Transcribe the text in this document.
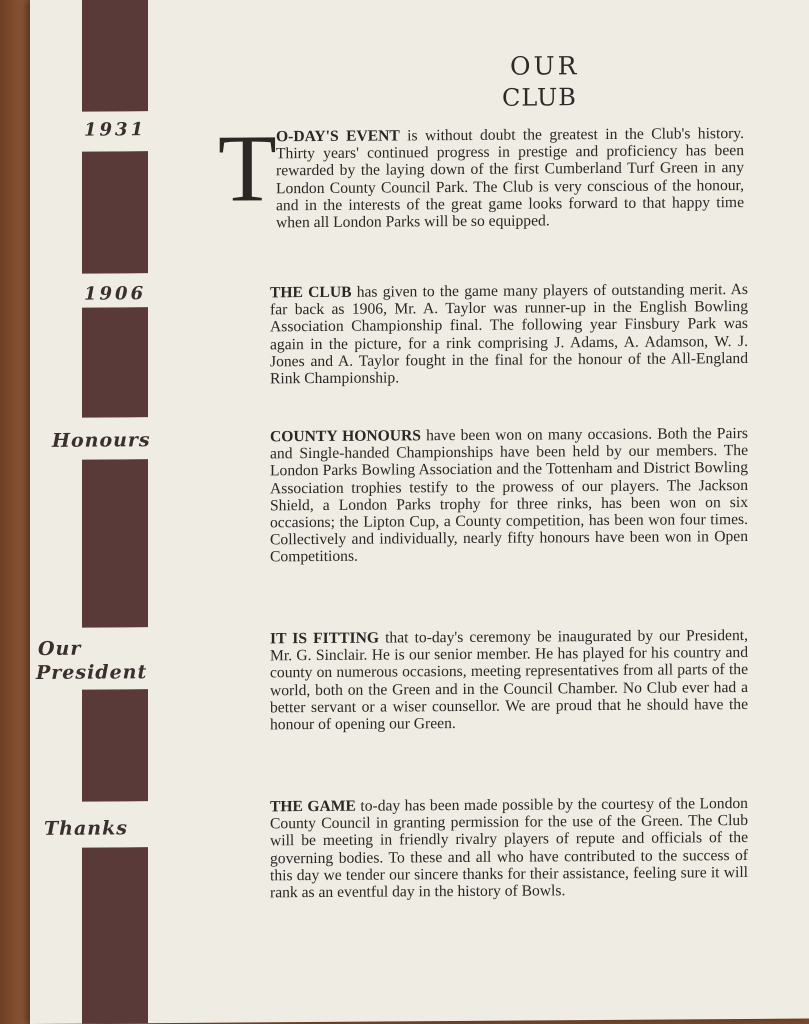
1931
1906
Honours
Our
President
Thanks
OUR
CLUB
T O-DAY'S EVENT is without doubt the greatest in the Club's history. Thirty years' continued progress in prestige and proficiency has been rewarded by the laying down of the first Cumberland Turf Green in any London County Council Park. The Club is very conscious of the honour, and in the interests of the great game looks forward to that happy time when all London Parks will be so equipped.
THE CLUB has given to the game many players of outstanding merit. As far back as 1906, Mr. A. Taylor was runner-up in the English Bowling Association Championship final. The following year Finsbury Park was again in the picture, for a rink comprising J. Adams, A. Adamson, W. J. Jones and A. Taylor fought in the final for the honour of the All-England Rink Championship.
COUNTY HONOURS have been won on many occasions. Both the Pairs and Single-handed Championships have been held by our members. The London Parks Bowling Association and the Tottenham and District Bowling Association trophies testify to the prowess of our players. The Jackson Shield, a London Parks trophy for three rinks, has been won on six occasions; the Lipton Cup, a County competition, has been won four times. Collectively and individually, nearly fifty honours have been won in Open Competitions.
IT IS FITTING that to-day's ceremony be inaugurated by our President, Mr. G. Sinclair. He is our senior member. He has played for his country and county on numerous occasions, meeting representatives from all parts of the world, both on the Green and in the Council Chamber. No Club ever had a better servant or a wiser counsellor. We are proud that he should have the honour of opening our Green.
THE GAME to-day has been made possible by the courtesy of the London County Council in granting permission for the use of the Green. The Club will be meeting in friendly rivalry players of repute and officials of the governing bodies. To these and all who have contributed to the success of this day we tender our sincere thanks for their assistance, feeling sure it will rank as an eventful day in the history of Bowls.
